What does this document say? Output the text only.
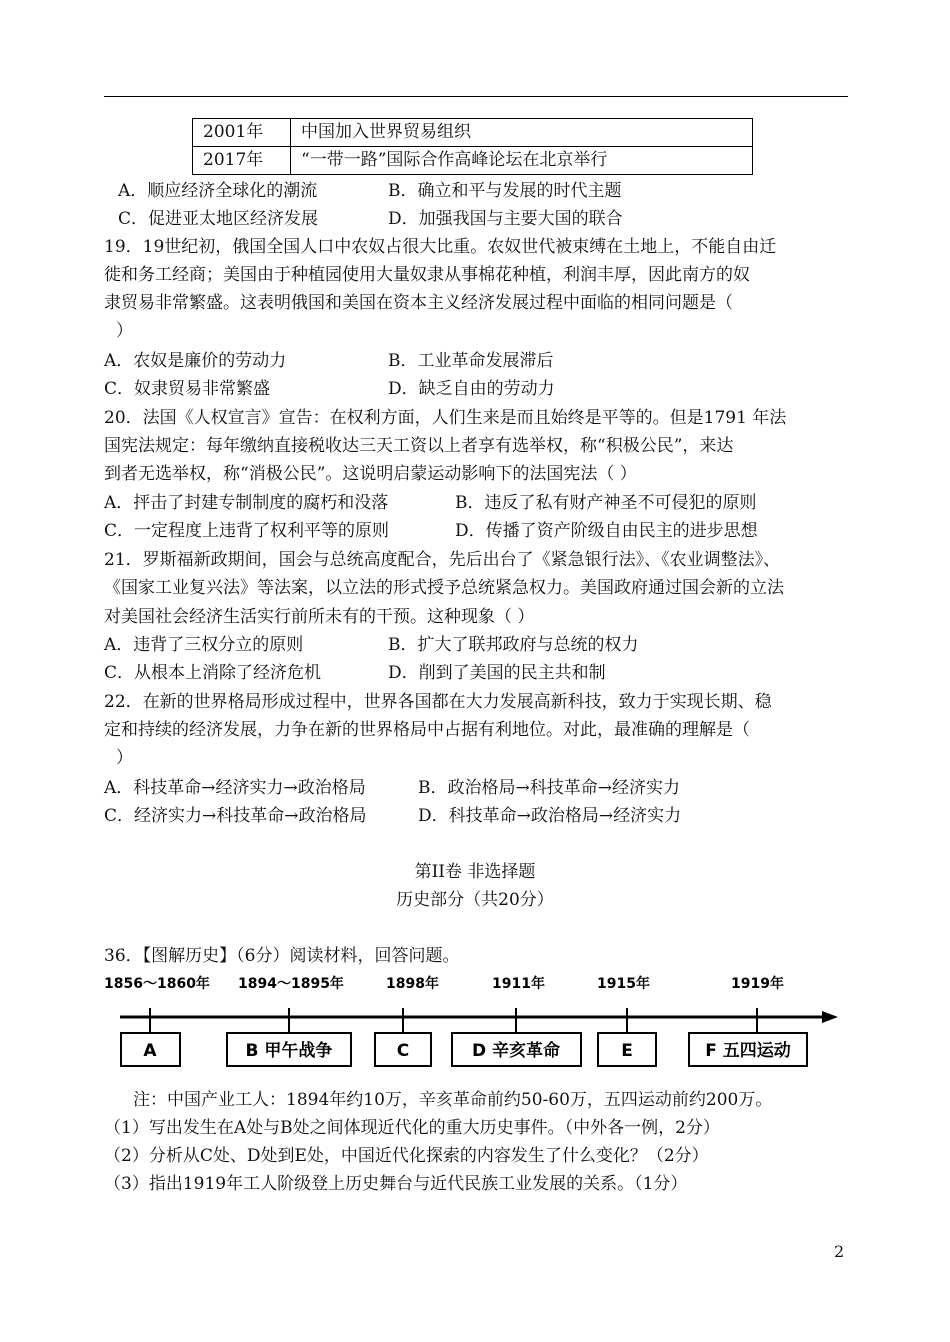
2001年	中国加入世界贸易组织
2017年	“一带一路”国际合作高峰论坛在北京举行
A．顺应经济全球化的潮流	B．确立和平与发展的时代主题
C．促进亚太地区经济发展	D．加强我国与主要大国的联合
19．19世纪初，俄国全国人口中农奴占很大比重。农奴世代被束缚在土地上，不能自由迁
徙和务工经商；美国由于种植园使用大量奴隶从事棉花种植，利润丰厚，因此南方的奴
隶贸易非常繁盛。这表明俄国和美国在资本主义经济发展过程中面临的相同问题是（
）
A．农奴是廉价的劳动力	B．工业革命发展滞后
C．奴隶贸易非常繁盛	D．缺乏自由的劳动力
20．法国《人权宣言》宣告：在权利方面，人们生来是而且始终是平等的。但是1791 年法
国宪法规定：每年缴纳直接税收达三天工资以上者享有选举权，称“积极公民”，来达
到者无选举权，称“消极公民”。这说明启蒙运动影响下的法国宪法（ ）
A．抨击了封建专制制度的腐朽和没落	B．违反了私有财产神圣不可侵犯的原则
C．一定程度上违背了权利平等的原则	D．传播了资产阶级自由民主的进步思想
21．罗斯福新政期间，国会与总统高度配合，先后出台了《紧急银行法》、《农业调整法》、
《国家工业复兴法》等法案，以立法的形式授予总统紧急权力。美国政府通过国会新的立法
对美国社会经济生活实行前所未有的干预。这种现象（ ）
A．违背了三权分立的原则	B．扩大了联邦政府与总统的权力
C．从根本上消除了经济危机	D．削到了美国的民主共和制
22．在新的世界格局形成过程中，世界各国都在大力发展高新科技，致力于实现长期、稳
定和持续的经济发展，力争在新的世界格局中占据有利地位。对此，最准确的理解是（
）
A．科技革命→经济实力→政治格局	B．政治格局→科技革命→经济实力
C．经济实力→科技革命→政治格局	D．科技革命→政治格局→经济实力
第II卷 非选择题
历史部分（共20分）
36．【图解历史】（6分）阅读材料，回答问题。
1856～1860年 1894～1895年	1898年	1911年	1915年	1919年
A	B 甲午战争	C	D 辛亥革命	E	F 五四运动
注：中国产业工人：1894年约10万，辛亥革命前约50-60万，五四运动前约200万。
（1）写出发生在A处与B处之间体现近代化的重大历史事件。（中外各一例，2分）
（2）分析从C处、D处到E处，中国近代化探索的内容发生了什么变化？（2分）
（3）指出1919年工人阶级登上历史舞台与近代民族工业发展的关系。（1分）
2
